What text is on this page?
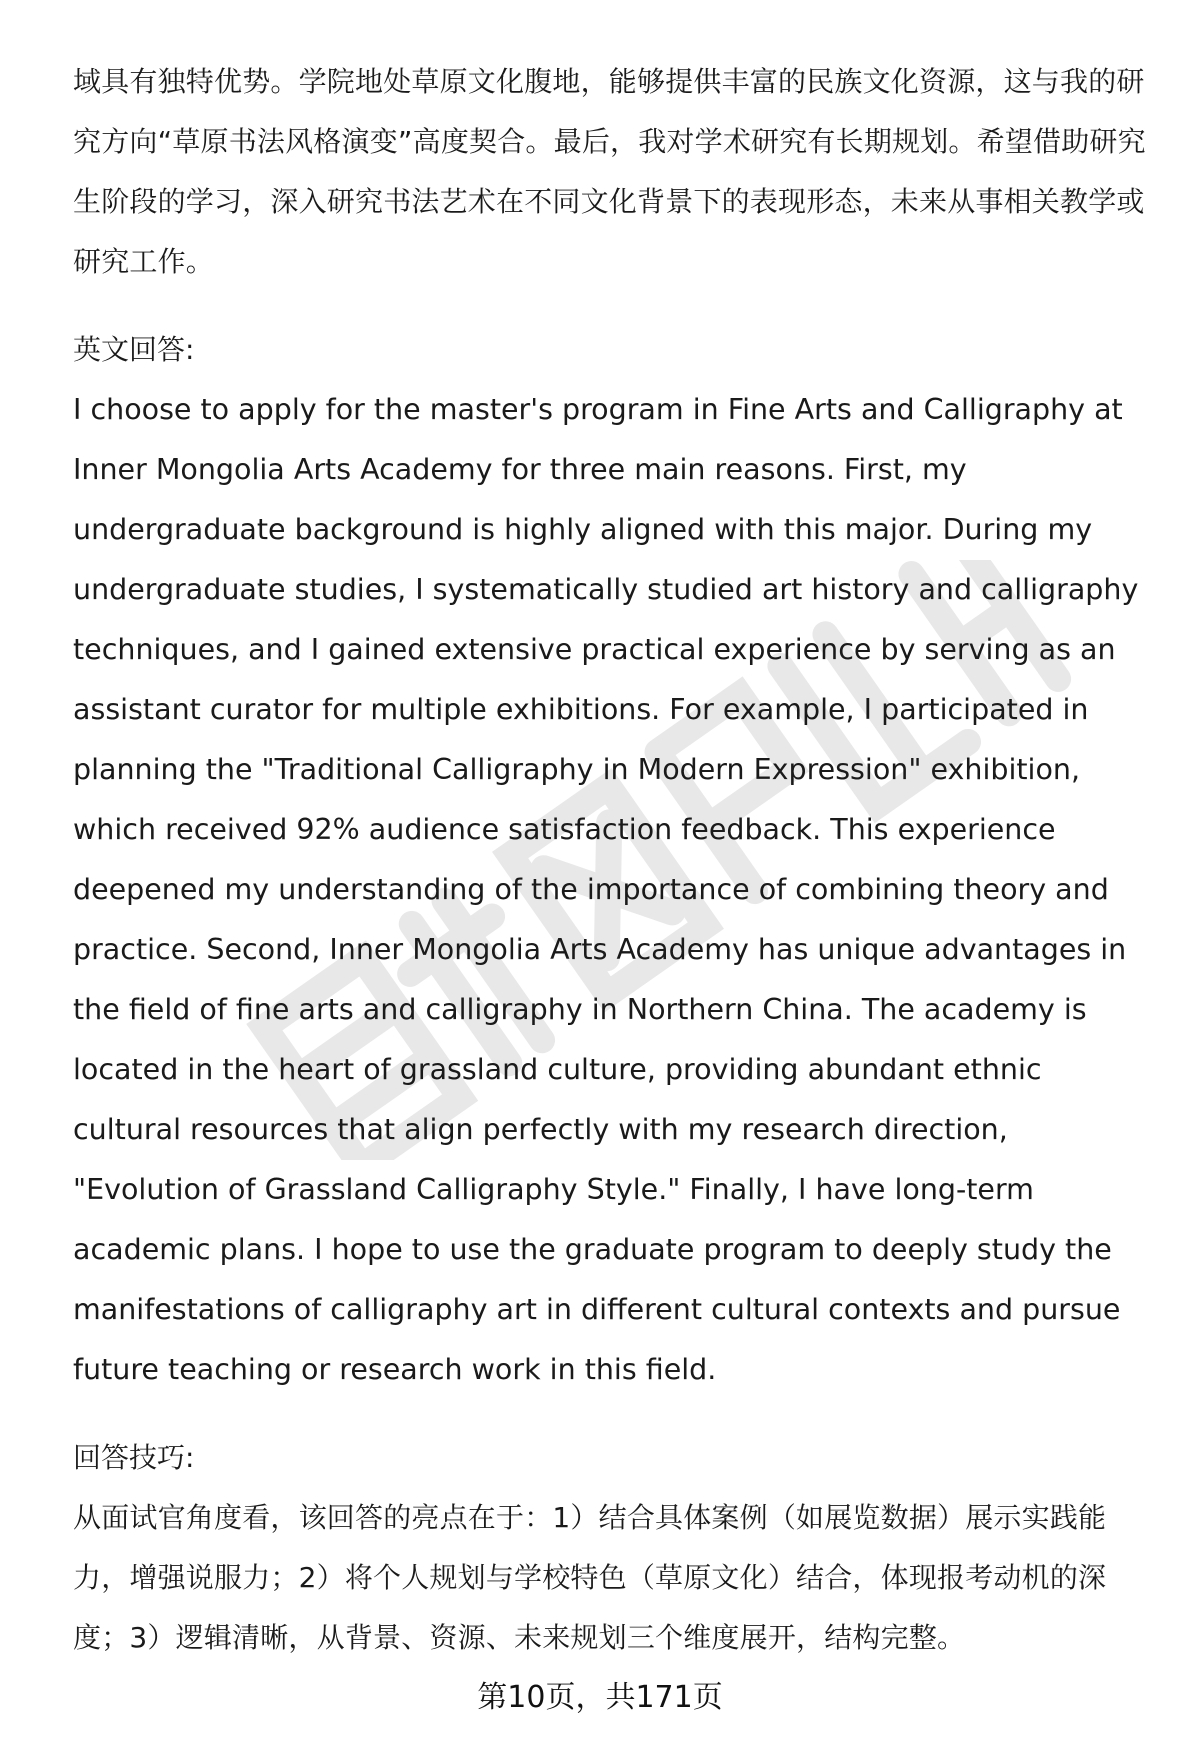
域具有独特优势。学院地处草原文化腹地，能够提供丰富的民族文化资源，这与我的研究方向“草原书法风格演变”高度契合。最后，我对学术研究有长期规划。希望借助研究生阶段的学习，深入研究书法艺术在不同文化背景下的表现形态，未来从事相关教学或研究工作。

英文回答:

I choose to apply for the master's program in Fine Arts and Calligraphy at Inner Mongolia Arts Academy for three main reasons. First, my undergraduate background is highly aligned with this major. During my undergraduate studies, I systematically studied art history and calligraphy techniques, and I gained extensive practical experience by serving as an assistant curator for multiple exhibitions. For example, I participated in planning the "Traditional Calligraphy in Modern Expression" exhibition, which received 92% audience satisfaction feedback. This experience deepened my understanding of the importance of combining theory and practice. Second, Inner Mongolia Arts Academy has unique advantages in the field of fine arts and calligraphy in Northern China. The academy is located in the heart of grassland culture, providing abundant ethnic cultural resources that align perfectly with my research direction, "Evolution of Grassland Calligraphy Style." Finally, I have long-term academic plans. I hope to use the graduate program to deeply study the manifestations of calligraphy art in different cultural contexts and pursue future teaching or research work in this field.

回答技巧:

从面试官角度看，该回答的亮点在于：1）结合具体案例（如展览数据）展示实践能力，增强说服力；2）将个人规划与学校特色（草原文化）结合，体现报考动机的深度；3）逻辑清晰，从背景、资源、未来规划三个维度展开，结构完整。

第10页，共171页
